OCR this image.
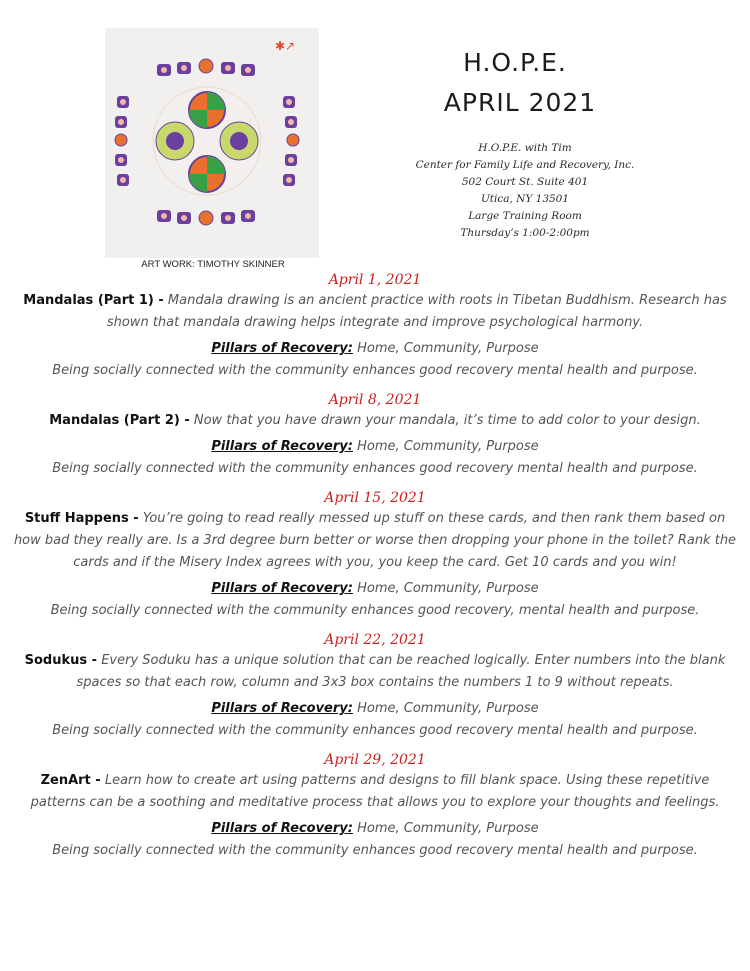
✱↗
ART WORK: TIMOTHY SKINNER
H.O.P.E.
APRIL 2021
H.O.P.E. with Tim
Center for Family Life and Recovery, Inc.
502 Court St. Suite 401
Utica, NY 13501
Large Training Room
Thursday’s 1:00-2:00pm
April 1, 2021
Mandalas (Part 1) - Mandala drawing is an ancient practice with roots in Tibetan Buddhism. Research has shown that mandala drawing helps integrate and improve psychological harmony.
Pillars of Recovery: Home, Community, Purpose
Being socially connected with the community enhances good recovery mental health and purpose.
April 8, 2021
Mandalas (Part 2) - Now that you have drawn your mandala, it’s time to add color to your design.
Pillars of Recovery: Home, Community, Purpose
Being socially connected with the community enhances good recovery mental health and purpose.
April 15, 2021
Stuff Happens - You’re going to read really messed up stuff on these cards, and then rank them based on how bad they really are. Is a 3rd degree burn better or worse then dropping your phone in the toilet? Rank the cards and if the Misery Index agrees with you, you keep the card. Get 10 cards and you win!
Pillars of Recovery: Home, Community, Purpose
Being socially connected with the community enhances good recovery, mental health and purpose.
April 22, 2021
Sodukus - Every Soduku has a unique solution that can be reached logically. Enter numbers into the blank spaces so that each row, column and 3x3 box contains the numbers 1 to 9 without repeats.
Pillars of Recovery: Home, Community, Purpose
Being socially connected with the community enhances good recovery mental health and purpose.
April 29, 2021
ZenArt - Learn how to create art using patterns and designs to fill blank space. Using these repetitive patterns can be a soothing and meditative process that allows you to explore your thoughts and feelings.
Pillars of Recovery: Home, Community, Purpose
Being socially connected with the community enhances good recovery mental health and purpose.
